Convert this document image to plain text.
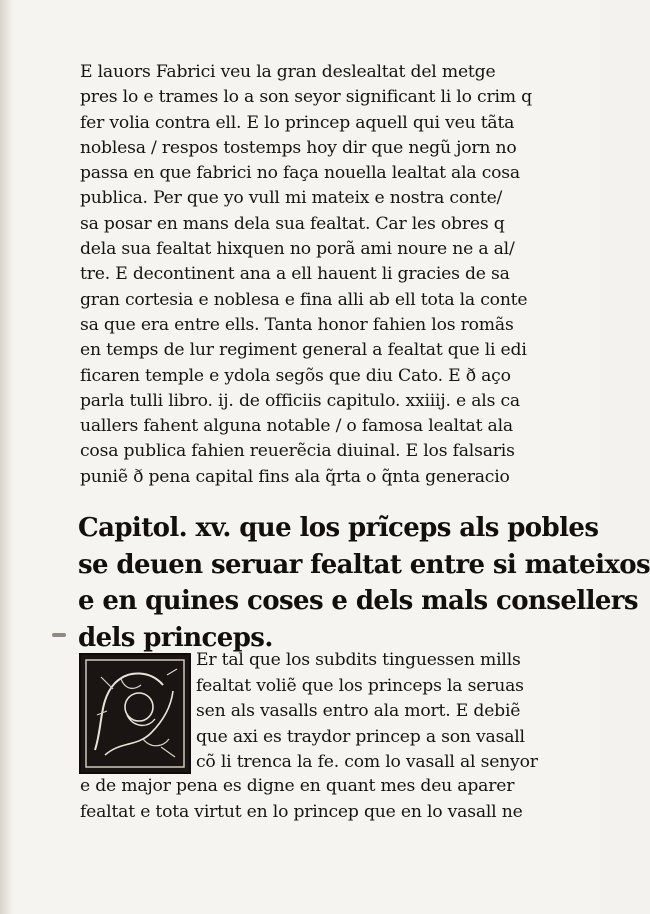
E lauors Fabrici veu la gran deslealtat del metge
pres lo e trames lo a son seyor significant li lo crim q
fer volia contra ell. E lo princep aquell qui veu tãta
noblesa / respos tostemps hoy dir que negũ jorn no
passa en que fabrici no faça nouella lealtat ala cosa
publica. Per que yo vull mi mateix e nostra conte/
sa posar en mans dela sua fealtat. Car les obres q
dela sua fealtat hixquen no porã ami noure ne a al/
tre. E decontinent ana a ell hauent li gracies de sa
gran cortesia e noblesa e fina alli ab ell tota la conte
sa que era entre ells. Tanta honor fahien los romãs
en temps de lur regiment general a fealtat que li edi
ficaren temple e ydola segõs que diu Cato. E ð aço
parla tulli libro. ij. de officiis capitulo. xxiiij. e als ca
uallers fahent alguna notable / o famosa lealtat ala
cosa publica fahien reuerẽcia diuinal. E los falsaris
puniẽ ð pena capital fins ala q̃rta o q̃nta generacio
Capitol. xv. que los prĩceps als pobles
se deuen seruar fealtat entre si mateixos
e en quines coses e dels mals consellers
dels princeps.
Er tal que los subdits tinguessen mills
fealtat voliẽ que los princeps la seruas
sen als vasalls entro ala mort. E debiẽ
que axi es traydor princep a son vasall
cõ li trenca la fe. com lo vasall al senyor
e de major pena es digne en quant mes deu aparer
fealtat e tota virtut en lo princep que en lo vasall ne
